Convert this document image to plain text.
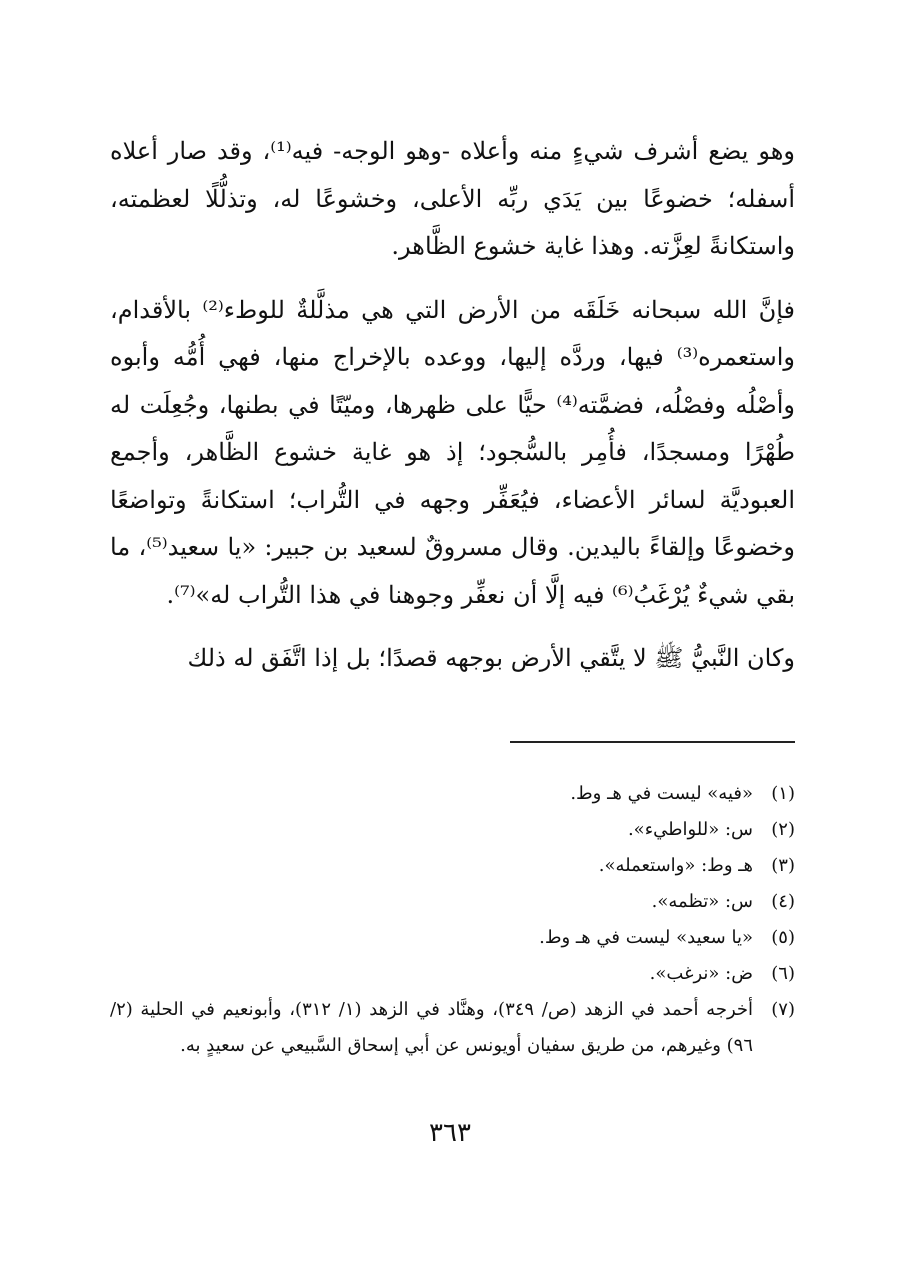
وهو يضع أشرف شيءٍ منه وأعلاه -وهو الوجه- فيه⁽¹⁾، وقد صار أعلاه أسفله؛ خضوعًا بين يَدَي ربِّه الأعلى، وخشوعًا له، وتذلُّلًا لعظمته، واستكانةً لعِزَّته. وهذا غاية خشوع الظَّاهر.

فإنَّ الله سبحانه خَلَقَه من الأرض التي هي مذلَّلةٌ للوطء⁽²⁾ بالأقدام، واستعمره⁽³⁾ فيها، وردَّه إليها، ووعده بالإخراج منها، فهي أُمُّه وأبوه وأصْلُه وفصْلُه، فضمَّته⁽⁴⁾ حيًّا على ظهرها، وميّتًا في بطنها، وجُعِلَت له طُهْرًا ومسجدًا، فأُمِر بالسُّجود؛ إذ هو غاية خشوع الظَّاهر، وأجمع العبوديَّة لسائر الأعضاء، فيُعَفِّر وجهه في التُّراب؛ استكانةً وتواضعًا وخضوعًا وإلقاءً باليدين. وقال مسروقٌ لسعيد بن جبير: «يا سعيد⁽⁵⁾، ما بقي شيءٌ يُرْغَبُ⁽⁶⁾ فيه إلَّا أن نعفِّر وجوهنا في هذا التُّراب له»⁽⁷⁾.

وكان النَّبيُّ ﷺ لا يتَّقي الأرض بوجهه قصدًا؛ بل إذا اتَّفَق له ذلك

(١)
«فيه» ليست في هـ وط.
(٢)
س: «للواطيء».
(٣)
هـ وط: «واستعمله».
(٤)
س: «تظمه».
(٥)
«يا سعيد» ليست في هـ وط.
(٦)
ض: «نرغب».
(٧)
أخرجه أحمد في الزهد (ص/ ٣٤٩)، وهنَّاد في الزهد (١/ ٣١٢)، وأبونعيم في الحلية (٢/ ٩٦) وغيرهم، من طريق سفيان أويونس عن أبي إسحاق السَّبيعي عن سعيدٍ به.
٣٦٣
